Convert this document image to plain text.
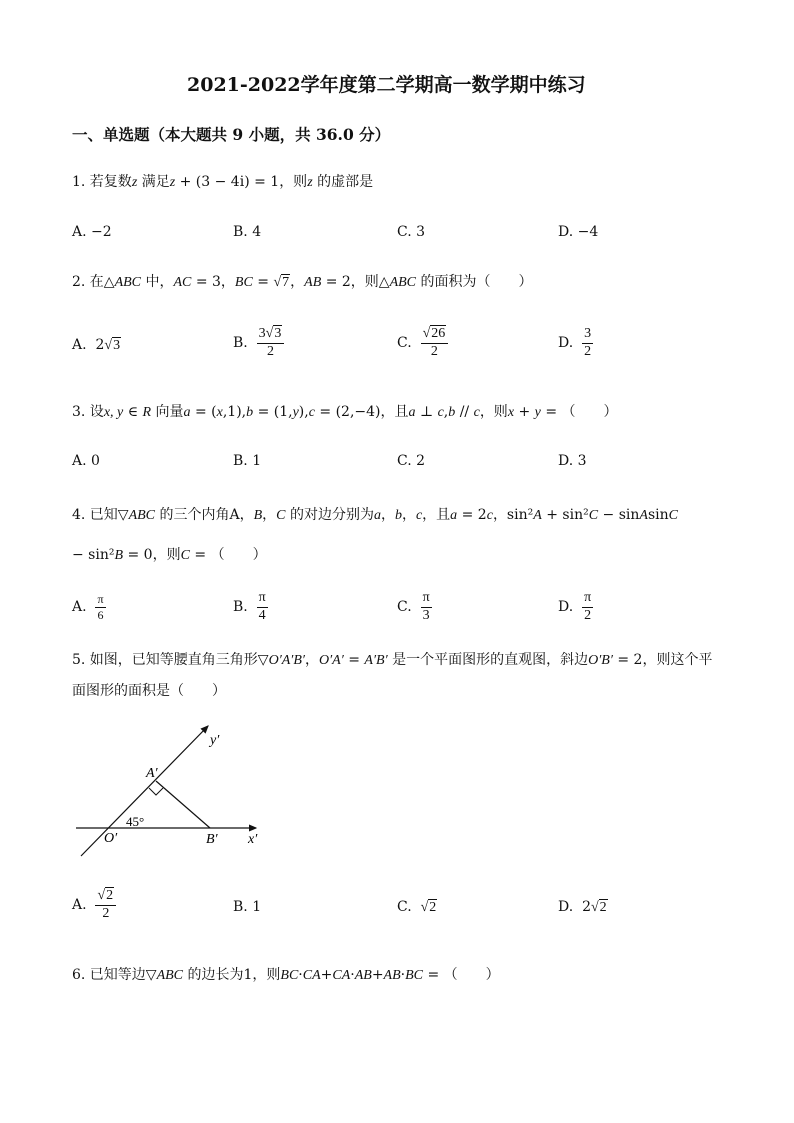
2021-2022学年度第二学期高一数学期中练习
一、单选题（本大题共 9 小题，共 36.0 分）
1. 若复数z 满足z + (3 − 4i) = 1，则z 的虚部是
A. −2	B. 4	C. 3	D. −4
2. 在△ABC 中，AC = 3，BC = √7，AB = 2，则△ABC 的面积为（　　）
A.  2√3	B. $\frac{3√3}{2}$	C. $\frac{√26}{2}$	D. $\frac{3}{2}$
3. 设x, y ∈ R 向量a = (x,1),b = (1,y),c = (2,−4)，且a ⊥ c,b // c，则x + y = （　　）
A. 0	B. 1	C. 2	D. 3
4. 已知▽ABC 的三个内角A，B，C 的对边分别为a，b，c，且a = 2c，sin²A + sin²C − sinAsinC
− sin²B = 0，则C = （　　）
A. $\frac{\pi}{6}$	B. $\frac{\pi}{4}$	C. $\frac{\pi}{3}$	D. $\frac{\pi}{2}$
5. 如图，已知等腰直角三角形▽O′A′B′，O′A′ = A′B′ 是一个平面图形的直观图，斜边O′B′ = 2，则这个平
面图形的面积是（　　）
y′
A′
45°
O′	B′ x′
A. $\frac{√2}{2}$	B. 1	C.  √2	D.  2√2
6. 已知等边▽ABC 的边长为1，则BC·CA+CA·AB+AB·BC = （　　）
